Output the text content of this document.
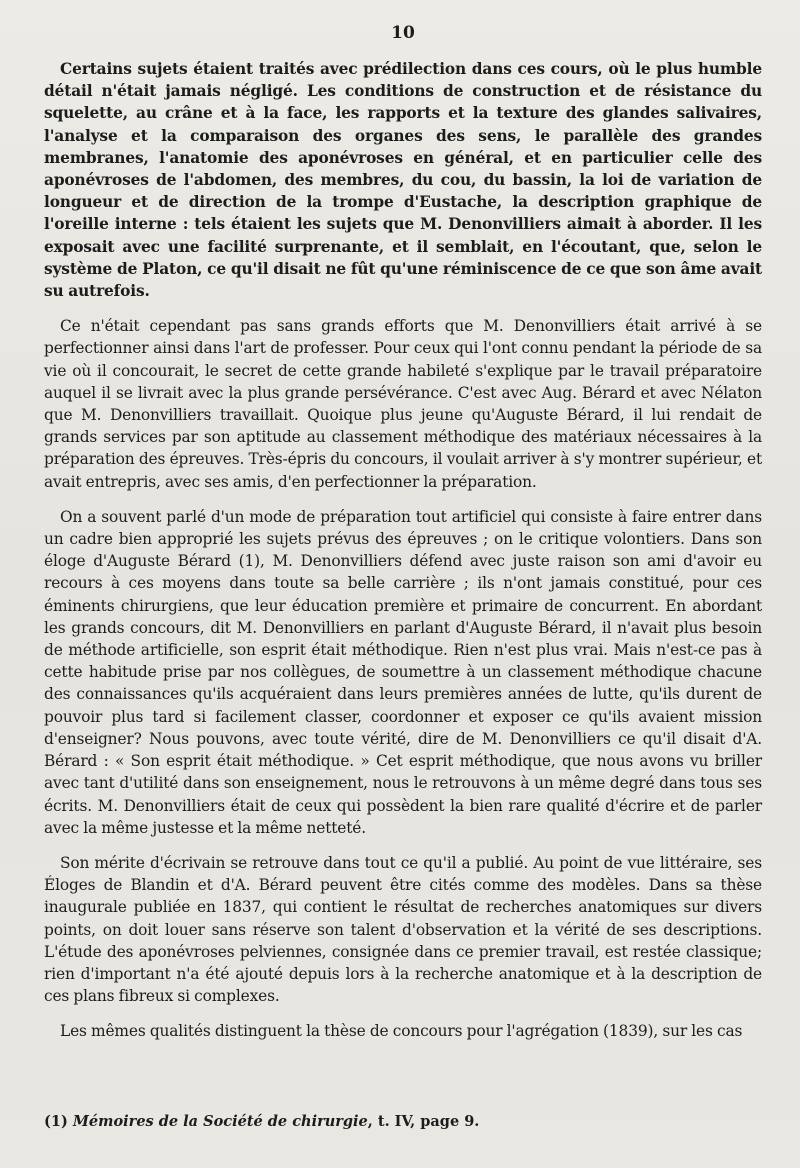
10

Certains sujets étaient traités avec prédilection dans ces cours, où le plus humble détail n'était jamais négligé. Les conditions de construction et de résistance du squelette, au crâne et à la face, les rapports et la texture des glandes salivaires, l'analyse et la comparaison des organes des sens, le parallèle des grandes membranes, l'anatomie des aponévroses en général, et en particulier celle des aponévroses de l'abdomen, des membres, du cou, du bassin, la loi de variation de longueur et de direction de la trompe d'Eustache, la description graphique de l'oreille interne : tels étaient les sujets que M. Denonvilliers aimait à aborder. Il les exposait avec une facilité surprenante, et il semblait, en l'écoutant, que, selon le système de Platon, ce qu'il disait ne fût qu'une réminiscence de ce que son âme avait su autrefois.

Ce n'était cependant pas sans grands efforts que M. Denonvilliers était arrivé à se perfectionner ainsi dans l'art de professer. Pour ceux qui l'ont connu pendant la période de sa vie où il concourait, le secret de cette grande habileté s'explique par le travail préparatoire auquel il se livrait avec la plus grande persévérance. C'est avec Aug. Bérard et avec Nélaton que M. Denonvilliers travaillait. Quoique plus jeune qu'Auguste Bérard, il lui rendait de grands services par son aptitude au classement méthodique des matériaux nécessaires à la préparation des épreuves. Très-épris du concours, il voulait arriver à s'y montrer supérieur, et avait entrepris, avec ses amis, d'en perfectionner la préparation.

On a souvent parlé d'un mode de préparation tout artificiel qui consiste à faire entrer dans un cadre bien approprié les sujets prévus des épreuves ; on le critique volontiers. Dans son éloge d'Auguste Bérard (1), M. Denonvilliers défend avec juste raison son ami d'avoir eu recours à ces moyens dans toute sa belle carrière ; ils n'ont jamais constitué, pour ces éminents chirurgiens, que leur éducation première et primaire de concurrent. En abordant les grands concours, dit M. Denonvilliers en parlant d'Auguste Bérard, il n'avait plus besoin de méthode artificielle, son esprit était méthodique. Rien n'est plus vrai. Mais n'est-ce pas à cette habitude prise par nos collègues, de soumettre à un classement méthodique chacune des connaissances qu'ils acquéraient dans leurs premières années de lutte, qu'ils durent de pouvoir plus tard si facilement classer, coordonner et exposer ce qu'ils avaient mission d'enseigner? Nous pouvons, avec toute vérité, dire de M. Denonvilliers ce qu'il disait d'A. Bérard : « Son esprit était méthodique. » Cet esprit méthodique, que nous avons vu briller avec tant d'utilité dans son enseignement, nous le retrouvons à un même degré dans tous ses écrits. M. Denonvilliers était de ceux qui possèdent la bien rare qualité d'écrire et de parler avec la même justesse et la même netteté.

Son mérite d'écrivain se retrouve dans tout ce qu'il a publié. Au point de vue littéraire, ses Éloges de Blandin et d'A. Bérard peuvent être cités comme des modèles. Dans sa thèse inaugurale publiée en 1837, qui contient le résultat de recherches anatomiques sur divers points, on doit louer sans réserve son talent d'observation et la vérité de ses descriptions. L'étude des aponévroses pelviennes, consignée dans ce premier travail, est restée classique; rien d'important n'a été ajouté depuis lors à la recherche anatomique et à la description de ces plans fibreux si complexes.

Les mêmes qualités distinguent la thèse de concours pour l'agrégation (1839), sur les cas

(1) Mémoires de la Société de chirurgie, t. IV, page 9.
